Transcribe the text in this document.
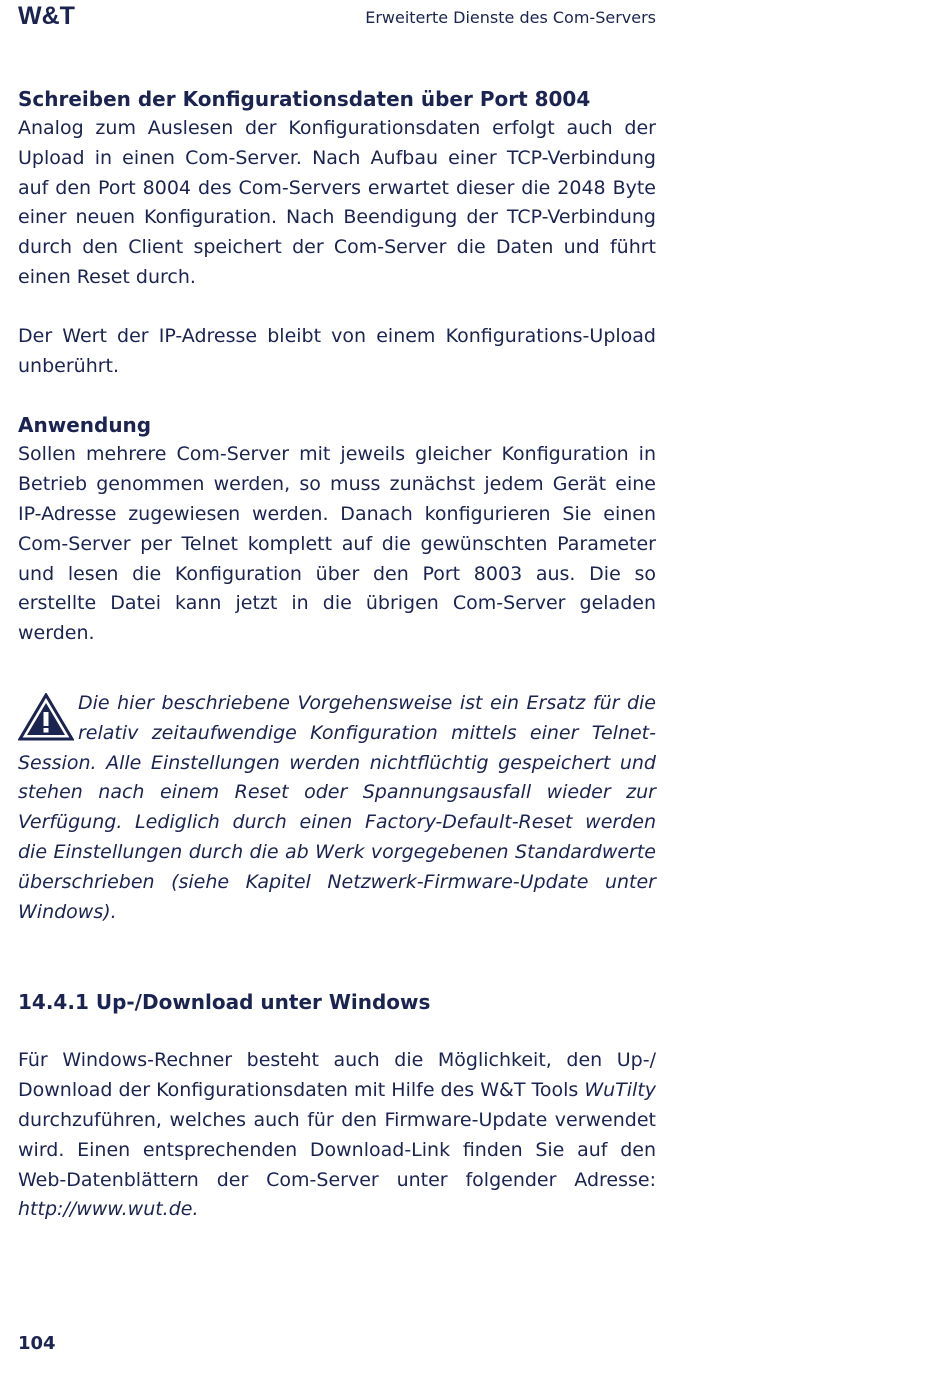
W&T	Erweiterte Dienste des Com-Servers
Schreiben der Konfigurationsdaten über Port 8004

Analog zum Auslesen der Konfigurationsdaten erfolgt auch der Upload in einen Com-Server. Nach Aufbau einer TCP-Verbindung auf den Port 8004 des Com-Servers erwartet dieser die 2048 Byte einer neuen Konfiguration. Nach Beendigung der TCP-Verbindung durch den Client speichert der Com-Server die Daten und führt einen Reset durch.

Der Wert der IP-Adresse bleibt von einem Konfigurations-Upload unberührt.

Anwendung

Sollen mehrere Com-Server mit jeweils gleicher Konfiguration in Betrieb genommen werden, so muss zunächst jedem Gerät eine IP-Adresse zugewiesen werden. Danach konfigurieren Sie einen Com-Server per Telnet komplett auf die gewünschten Parameter und lesen die Konfiguration über den Port 8003 aus. Die so erstellte Datei kann jetzt in die übrigen Com-Server geladen werden.

Die hier beschriebene Vorgehensweise ist ein Ersatz für die relativ zeitaufwendige Konfiguration mittels einer Telnet-Session. Alle Einstellungen werden nichtflüchtig gespeichert und stehen nach einem Reset oder Spannungsausfall wieder zur Verfügung. Lediglich durch einen Factory-Default-Reset werden die Einstellungen durch die ab Werk vorgegebenen Standardwerte überschrieben (siehe Kapitel Netzwerk-Firmware-Update unter Windows).

14.4.1 Up-/Download unter Windows

Für Windows-Rechner besteht auch die Möglichkeit, den Up-/ Download der Konfigurationsdaten mit Hilfe des W&T Tools WuTilty durchzuführen, welches auch für den Firmware-Update verwendet wird. Einen entsprechenden Download-Link finden Sie auf den Web-Datenblättern der Com-Server unter folgender Adresse: http://www.wut.de.

104
